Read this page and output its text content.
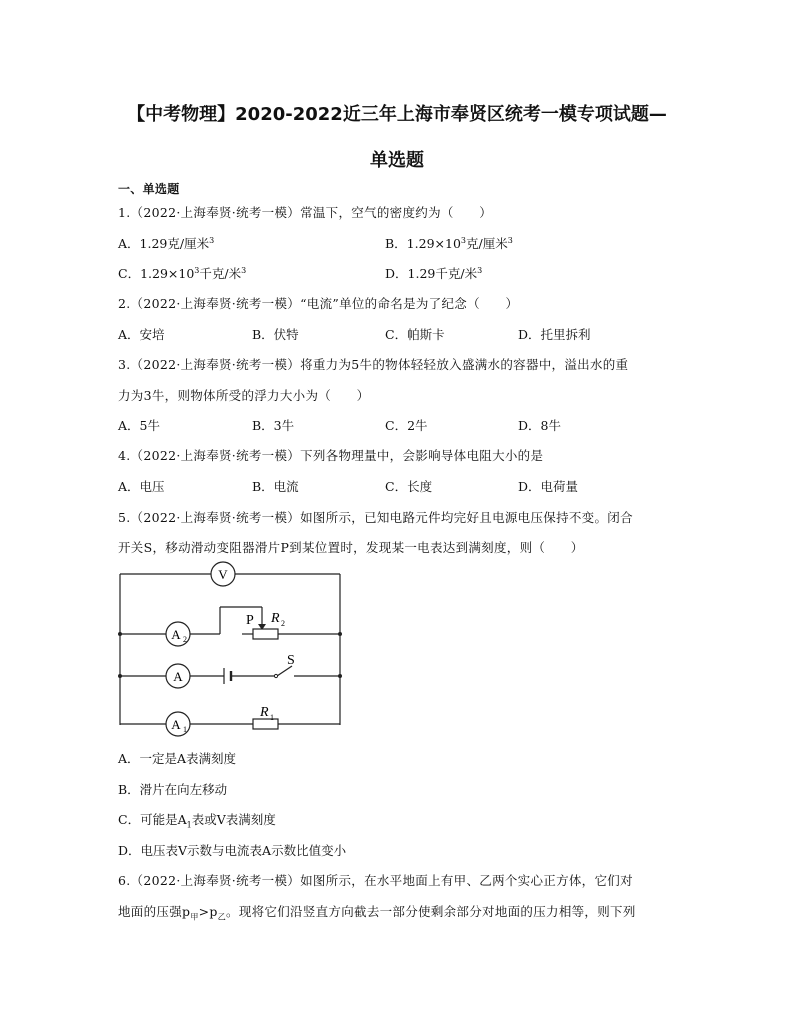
【中考物理】2020-2022近三年上海市奉贤区统考一模专项试题—
单选题
一、单选题
1.（2022·上海奉贤·统考一模）常温下，空气的密度约为（　　）
A．1.29克/厘米$^3$	B．$1.29\times 10^3$克/厘米$^3$
C．$1.29\times 10^3$千克/米$^3$	D．1.29千克/米$^3$
2.（2022·上海奉贤·统考一模）“电流”单位的命名是为了纪念（　　）
A．安培	B．伏特	C．帕斯卡	D．托里拆利
3.（2022·上海奉贤·统考一模）将重力为5牛的物体轻轻放入盛满水的容器中，溢出水的重
力为3牛，则物体所受的浮力大小为（　　）
A．5牛	B．3牛	C．2牛	D．8牛
4.（2022·上海奉贤·统考一模）下列各物理量中，会影响导体电阻大小的是
A．电压	B．电流	C．长度	D．电荷量
5.（2022·上海奉贤·统考一模）如图所示，已知电路元件均完好且电源电压保持不变。闭合
开关S，移动滑动变阻器滑片P到某位置时，发现某一电表达到满刻度，则（　　）
V
A 2
A
A 1
P R 2
S
R 1
A．一定是A表满刻度
B．滑片在向左移动
C．可能是$A_1$表或V表满刻度
D．电压表V示数与电流表A示数比值变小
6.（2022·上海奉贤·统考一模）如图所示，在水平地面上有甲、乙两个实心正方体，它们对
地面的压强$p_甲>p_乙$。现将它们沿竖直方向截去一部分使剩余部分对地面的压力相等，则下列
